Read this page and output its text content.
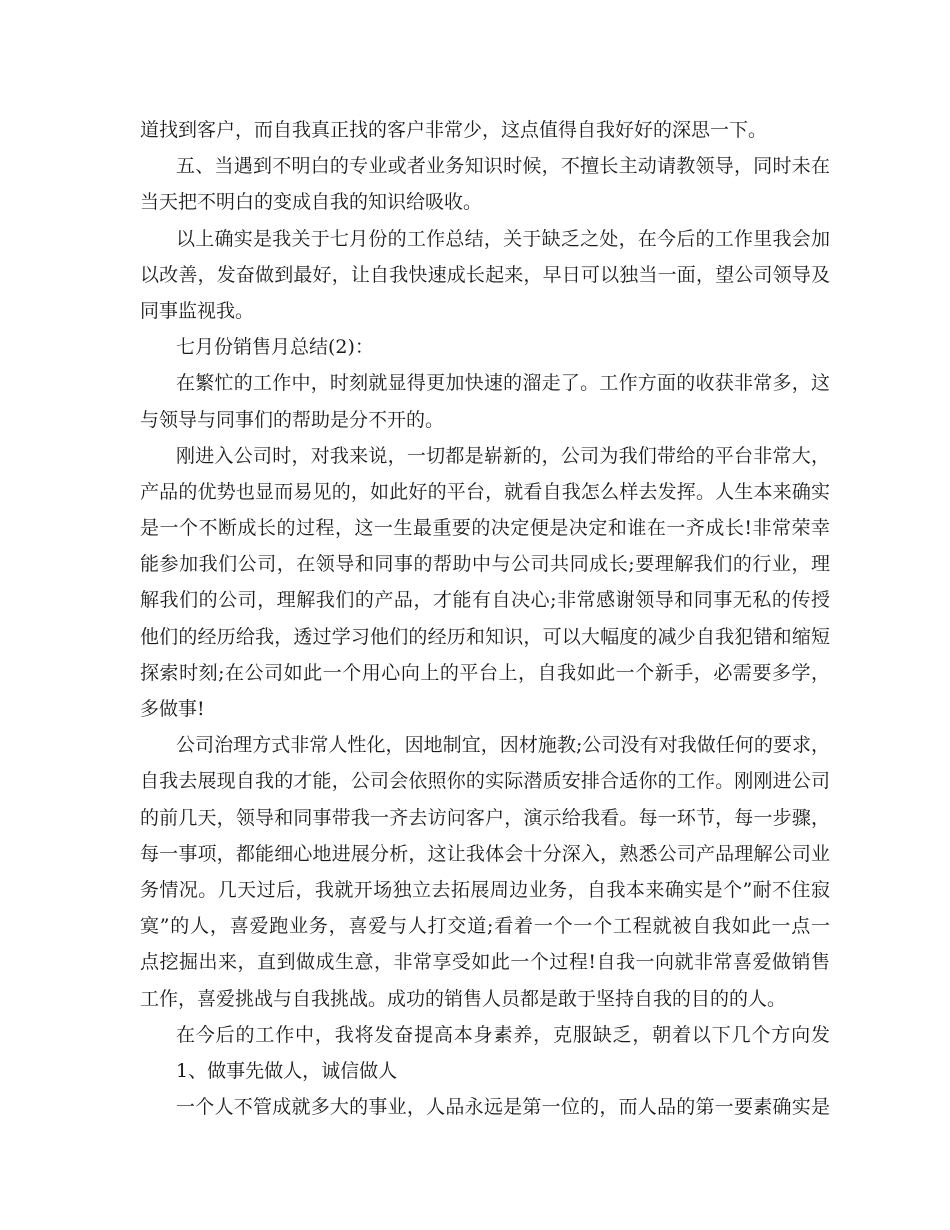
道找到客户，而自我真正找的客户非常少，这点值得自我好好的深思一下。
五、当遇到不明白的专业或者业务知识时候，不擅长主动请教领导，同时未在
当天把不明白的变成自我的知识给吸收。
以上确实是我关于七月份的工作总结，关于缺乏之处，在今后的工作里我会加
以改善，发奋做到最好，让自我快速成长起来，早日可以独当一面，望公司领导及
同事监视我。
七月份销售月总结(2)：
在繁忙的工作中，时刻就显得更加快速的溜走了。工作方面的收获非常多，这
与领导与同事们的帮助是分不开的。
刚进入公司时，对我来说，一切都是崭新的，公司为我们带给的平台非常大，
产品的优势也显而易见的，如此好的平台，就看自我怎么样去发挥。人生本来确实
是一个不断成长的过程，这一生最重要的决定便是决定和谁在一齐成长!非常荣幸
能参加我们公司，在领导和同事的帮助中与公司共同成长;要理解我们的行业，理
解我们的公司，理解我们的产品，才能有自决心;非常感谢领导和同事无私的传授
他们的经历给我，透过学习他们的经历和知识，可以大幅度的减少自我犯错和缩短
探索时刻;在公司如此一个用心向上的平台上，自我如此一个新手，必需要多学，
多做事!
公司治理方式非常人性化，因地制宜，因材施教;公司没有对我做任何的要求，
自我去展现自我的才能，公司会依照你的实际潜质安排合适你的工作。刚刚进公司
的前几天，领导和同事带我一齐去访问客户，演示给我看。每一环节，每一步骤，
每一事项，都能细心地进展分析，这让我体会十分深入，熟悉公司产品理解公司业
务情况。几天过后，我就开场独立去拓展周边业务，自我本来确实是个”耐不住寂
寞”的人，喜爱跑业务，喜爱与人打交道;看着一个一个工程就被自我如此一点一
点挖掘出来，直到做成生意，非常享受如此一个过程!自我一向就非常喜爱做销售
工作，喜爱挑战与自我挑战。成功的销售人员都是敢于坚持自我的目的的人。
在今后的工作中，我将发奋提高本身素养，克服缺乏，朝着以下几个方向发
1、做事先做人，诚信做人
一个人不管成就多大的事业，人品永远是第一位的，而人品的第一要素确实是
